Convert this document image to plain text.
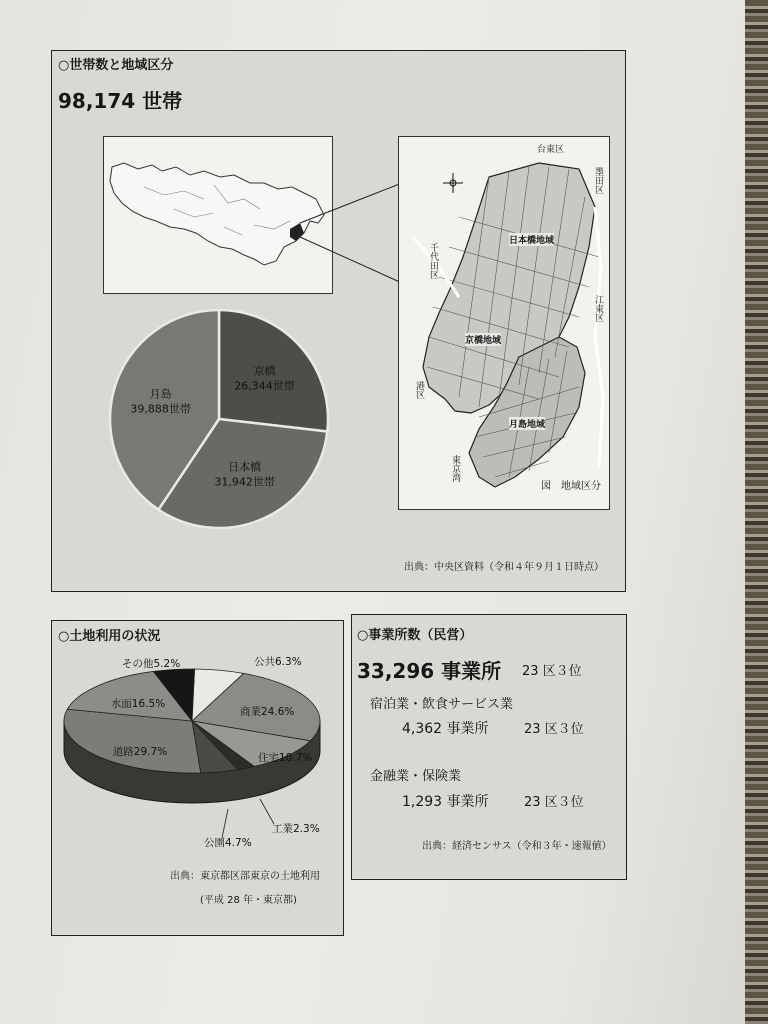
○世帯数と地域区分
98,174 世帯
台東区
墨田区
千代田区
江東区
港区
東京湾
日本橋地域
京橋地域
月島地域
図　地域区分
京橋
26,344世帯
日本橋
31,942世帯
月島
39,888世帯
出典：中央区資料（令和４年９月１日時点）
○土地利用の状況
公共6.3%
商業24.6%
住宅10.7%
工業2.3%
公園4.7%
道路29.7%
水面16.5%
その他5.2%
出典：東京都区部東京の土地利用
(平成 28 年・東京都)
○事業所数（民営）
33,296 事業所 23 区３位
宿泊業・飲食サービス業
4,362 事業所	23 区３位
金融業・保険業
1,293 事業所	23 区３位
出典：経済センサス（令和３年・速報値）
